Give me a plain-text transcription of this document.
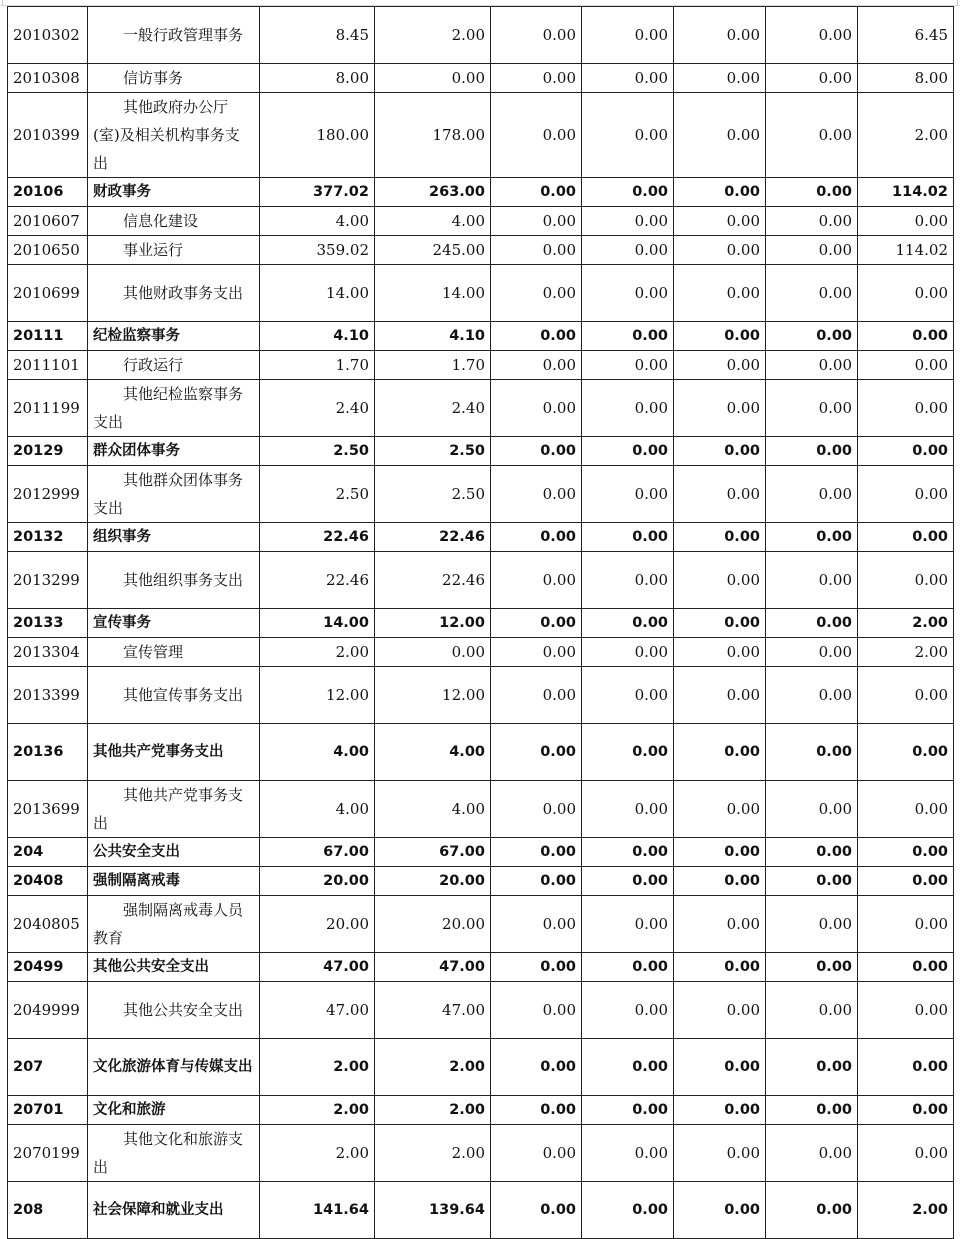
2010302	一般行政管理事务	8.45	2.00	0.00	0.00	0.00	0.00	6.45
2010308	信访事务	8.00	0.00	0.00	0.00	0.00	0.00	8.00
2010399	其他政府办公厅(室)及相关机构事务支出	180.00	178.00	0.00	0.00	0.00	0.00	2.00
20106	财政事务	377.02	263.00	0.00	0.00	0.00	0.00	114.02
2010607	信息化建设	4.00	4.00	0.00	0.00	0.00	0.00	0.00
2010650	事业运行	359.02	245.00	0.00	0.00	0.00	0.00	114.02
2010699	其他财政事务支出	14.00	14.00	0.00	0.00	0.00	0.00	0.00
20111	纪检监察事务	4.10	4.10	0.00	0.00	0.00	0.00	0.00
2011101	行政运行	1.70	1.70	0.00	0.00	0.00	0.00	0.00
2011199	其他纪检监察事务支出	2.40	2.40	0.00	0.00	0.00	0.00	0.00
20129	群众团体事务	2.50	2.50	0.00	0.00	0.00	0.00	0.00
2012999	其他群众团体事务支出	2.50	2.50	0.00	0.00	0.00	0.00	0.00
20132	组织事务	22.46	22.46	0.00	0.00	0.00	0.00	0.00
2013299	其他组织事务支出	22.46	22.46	0.00	0.00	0.00	0.00	0.00
20133	宣传事务	14.00	12.00	0.00	0.00	0.00	0.00	2.00
2013304	宣传管理	2.00	0.00	0.00	0.00	0.00	0.00	2.00
2013399	其他宣传事务支出	12.00	12.00	0.00	0.00	0.00	0.00	0.00
20136	其他共产党事务支出	4.00	4.00	0.00	0.00	0.00	0.00	0.00
2013699	其他共产党事务支出	4.00	4.00	0.00	0.00	0.00	0.00	0.00
204	公共安全支出	67.00	67.00	0.00	0.00	0.00	0.00	0.00
20408	强制隔离戒毒	20.00	20.00	0.00	0.00	0.00	0.00	0.00
2040805	强制隔离戒毒人员教育	20.00	20.00	0.00	0.00	0.00	0.00	0.00
20499	其他公共安全支出	47.00	47.00	0.00	0.00	0.00	0.00	0.00
2049999	其他公共安全支出	47.00	47.00	0.00	0.00	0.00	0.00	0.00
207	文化旅游体育与传媒支出	2.00	2.00	0.00	0.00	0.00	0.00	0.00
20701	文化和旅游	2.00	2.00	0.00	0.00	0.00	0.00	0.00
2070199	其他文化和旅游支出	2.00	2.00	0.00	0.00	0.00	0.00	0.00
208	社会保障和就业支出	141.64	139.64	0.00	0.00	0.00	0.00	2.00
